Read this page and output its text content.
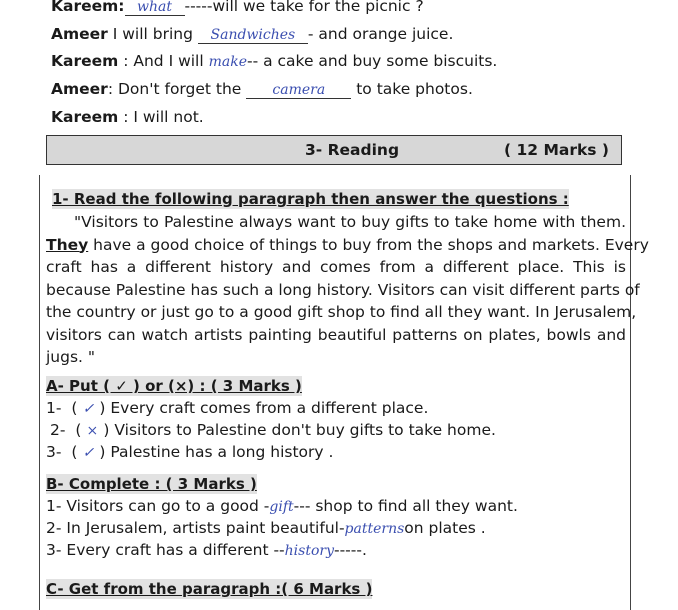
Kareem: what -----will we take for the picnic ?
Ameer I will bring Sandwiches - and orange juice.
Kareem : And I will make-- a cake and buy some biscuits.
Ameer: Don't forget the camera to take photos.
Kareem : I will not.
3- Reading	( 12 Marks )
1- Read the following paragraph then answer the questions :
"Visitors to Palestine always want to buy gifts to take home with them.
They have a good choice of things to buy from the shops and markets. Every
craft has a different history and comes from a different place. This is
because Palestine has such a long history. Visitors can visit different parts of
the country or just go to a good gift shop to find all they want. In Jerusalem,
visitors can watch artists painting beautiful patterns on plates, bowls and
jugs. "
A- Put ( ✓ ) or (×) : ( 3 Marks )
1-  ( ✓ ) Every craft comes from a different place.
2-  ( × ) Visitors to Palestine don't buy gifts to take home.
3-  ( ✓ ) Palestine has a long history .
B- Complete : ( 3 Marks )
1- Visitors can go to a good -gift--- shop to find all they want.
2- In Jerusalem, artists paint beautiful-patternson plates .
3- Every craft has a different --history-----.
C- Get from the paragraph :( 6 Marks )
